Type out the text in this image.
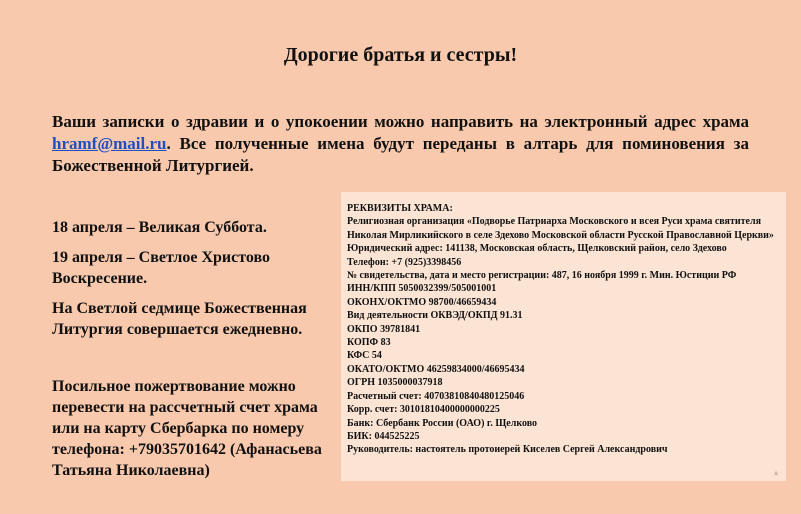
Дорогие братья и сестры!
Ваши записки о здравии и о упокоении можно направить на электронный адрес храма hramf@mail.ru. Все полученные имена будут переданы в алтарь для поминовения за Божественной Литургией.

18 апреля – Великая Суббота.

19 апреля – Светлое Христово Воскресение.

На Светлой седмице Божественная Литургия совершается ежедневно.

Посильное пожертвование можно перевести на рассчетный счет храма или на карту Сбербарка по номеру телефона: +79035701642 (Афанасьева Татьяна Николаевна)

РЕКВИЗИТЫ ХРАМА:
Религиозная организация «Подворье Патриарха Московского и всея Руси храма святителя Николая Мирликийского в селе Здехово Московской области Русской Православной Церкви»
Юридический адрес: 141138, Московская область, Щелковский район, село Здехово
Телефон: +7 (925)3398456
№ свидетельства, дата и место регистрации: 487, 16 ноября 1999 г. Мин. Юстиции РФ
ИНН/КПП 5050032399/505001001
ОКОНХ/ОКТМО 98700/46659434
Вид деятельности ОКВЭД/ОКПД 91.31
ОКПО 39781841
КОПФ 83
КФС 54
ОКАТО/ОКТМО 46259834000/46695434
ОГРН 1035000037918
Расчетный счет: 40703810840480125046
Корр. счет: 30101810400000000225
Банк: Сбербанк России (ОАО) г. Щелково
БИК: 044525225
Руководитель: настоятель протоиерей Киселев Сергей Александрович
▲
